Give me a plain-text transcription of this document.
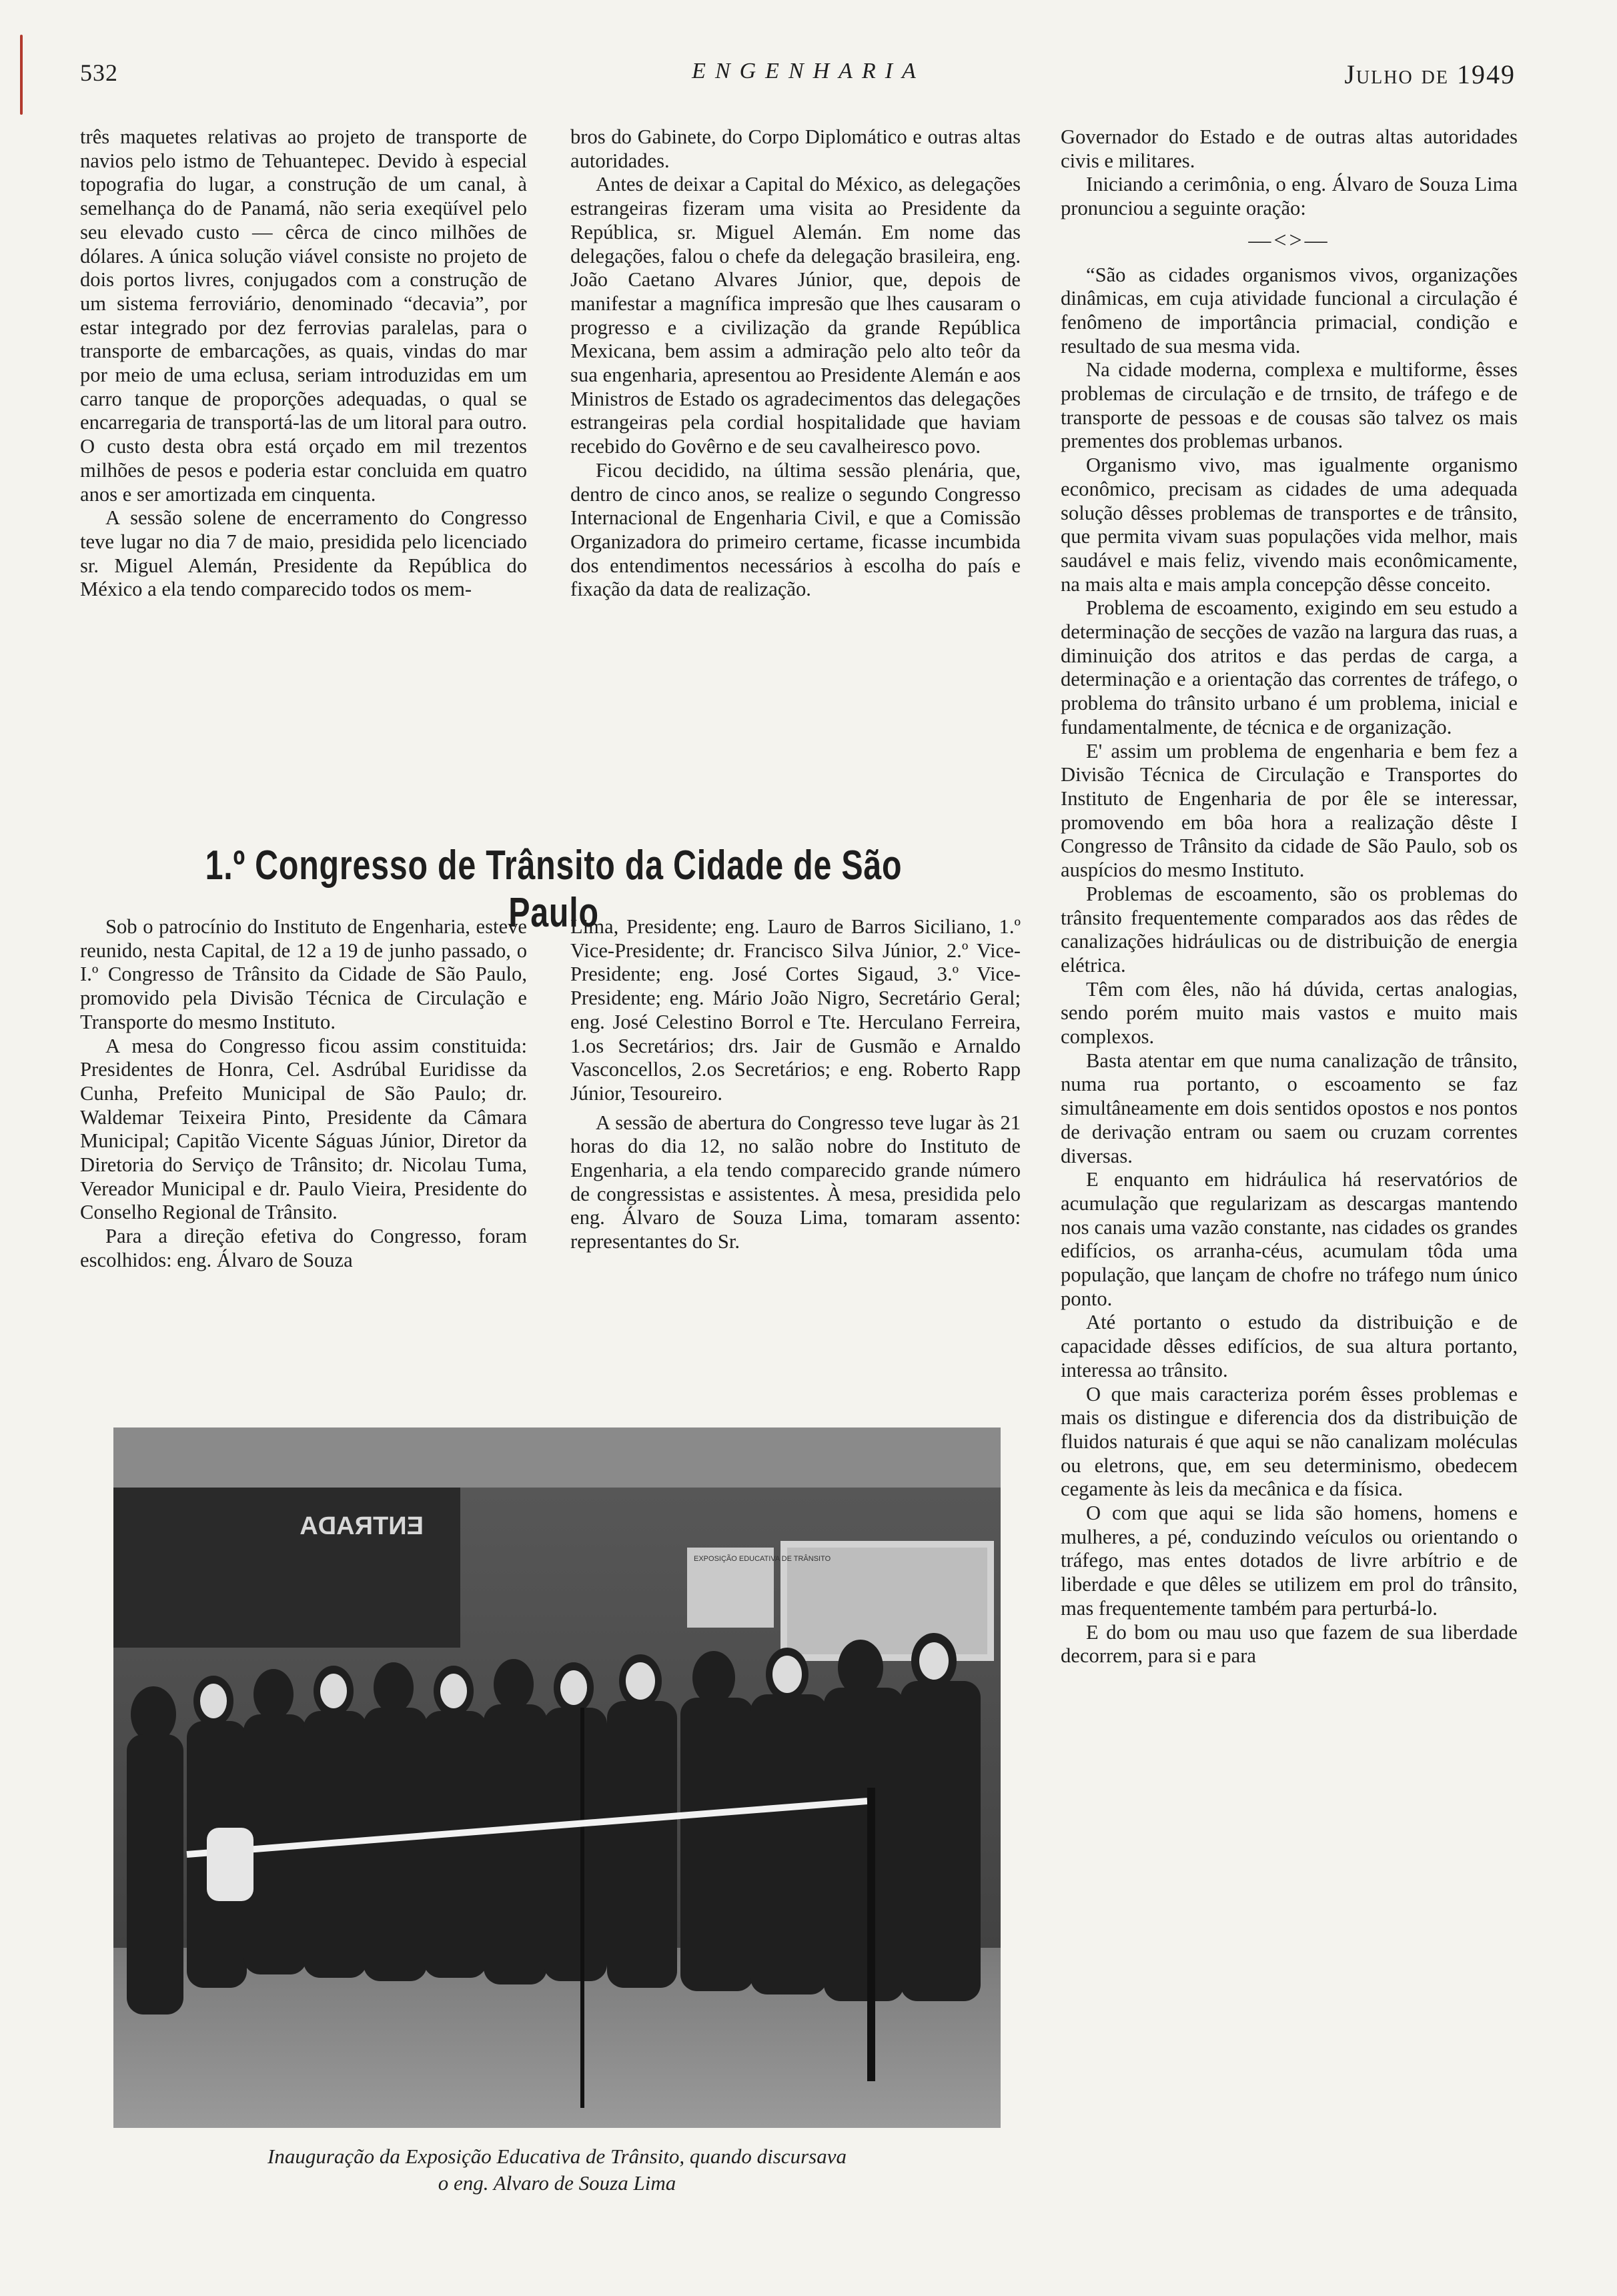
532	ENGENHARIA	Julho de 1949

três maquetes relativas ao projeto de transporte de navios pelo istmo de Tehuantepec. Devido à especial topografia do lugar, a construção de um canal, à semelhança do de Panamá, não seria exeqüível pelo seu elevado custo — cêrca de cinco milhões de dólares. A única solução viável consiste no projeto de dois portos livres, conjugados com a construção de um sistema ferroviário, denominado “decavia”, por estar integrado por dez ferrovias paralelas, para o transporte de embarcações, as quais, vindas do mar por meio de uma eclusa, seriam introduzidas em um carro tanque de proporções adequadas, o qual se encarregaria de transportá-las de um litoral para outro. O custo desta obra está orçado em mil trezentos milhões de pesos e poderia estar concluida em quatro anos e ser amortizada em cinquenta.

A sessão solene de encerramento do Congresso teve lugar no dia 7 de maio, presidida pelo licenciado sr. Miguel Alemán, Presidente da República do México a ela tendo comparecido todos os mem-

bros do Gabinete, do Corpo Diplomático e outras altas autoridades.

Antes de deixar a Capital do México, as delegações estrangeiras fizeram uma visita ao Presidente da República, sr. Miguel Alemán. Em nome das delegações, falou o chefe da delegação brasileira, eng. João Caetano Alvares Júnior, que, depois de manifestar a magnífica impresão que lhes causaram o progresso e a civilização da grande República Mexicana, bem assim a admiração pelo alto teôr da sua engenharia, apresentou ao Presidente Alemán e aos Ministros de Estado os agradecimentos das delegações estrangeiras pela cordial hospitalidade que haviam recebido do Govêrno e de seu cavalheiresco povo.

Ficou decidido, na última sessão plenária, que, dentro de cinco anos, se realize o segundo Congresso Internacional de Engenharia Civil, e que a Comissão Organizadora do primeiro certame, ficasse incumbida dos entendimentos necessários à escolha do país e fixação da data de realização.

1.º Congresso de Trânsito da Cidade de São Paulo

Sob o patrocínio do Instituto de Engenharia, esteve reunido, nesta Capital, de 12 a 19 de junho passado, o I.º Congresso de Trânsito da Cidade de São Paulo, promovido pela Divisão Técnica de Circulação e Transporte do mesmo Instituto.

A mesa do Congresso ficou assim constituida: Presidentes de Honra, Cel. Asdrúbal Euridisse da Cunha, Prefeito Municipal de São Paulo; dr. Waldemar Teixeira Pinto, Presidente da Câmara Municipal; Capitão Vicente Ságuas Júnior, Diretor da Diretoria do Serviço de Trânsito; dr. Nicolau Tuma, Vereador Municipal e dr. Paulo Vieira, Presidente do Conselho Regional de Trânsito.

Para a direção efetiva do Congresso, foram escolhidos: eng. Álvaro de Souza

Lima, Presidente; eng. Lauro de Barros Siciliano, 1.º Vice-Presidente; dr. Francisco Silva Júnior, 2.º Vice-Presidente; eng. José Cortes Sigaud, 3.º Vice-Presidente; eng. Mário João Nigro, Secretário Geral; eng. José Celestino Borrol e Tte. Herculano Ferreira, 1.os Secretários; drs. Jair de Gusmão e Arnaldo Vasconcellos, 2.os Secretários; e eng. Roberto Rapp Júnior, Tesoureiro.

A sessão de abertura do Congresso teve lugar às 21 horas do dia 12, no salão nobre do Instituto de Engenharia, a ela tendo comparecido grande número de congressistas e assistentes. À mesa, presidida pelo eng. Álvaro de Souza Lima, tomaram assento: representantes do Sr.

Governador do Estado e de outras altas autoridades civis e militares.

Iniciando a cerimônia, o eng. Álvaro de Souza Lima pronunciou a seguinte oração:

—<>—

“São as cidades organismos vivos, organizações dinâmicas, em cuja atividade funcional a circulação é fenômeno de importância primacial, condição e resultado de sua mesma vida.

Na cidade moderna, complexa e multiforme, êsses problemas de circulação e de trnsito, de tráfego e de transporte de pessoas e de cousas são talvez os mais prementes dos problemas urbanos.

Organismo vivo, mas igualmente organismo econômico, precisam as cidades de uma adequada solução dêsses problemas de transportes e de trânsito, que permita vivam suas populações vida melhor, mais saudável e mais feliz, vivendo mais econômicamente, na mais alta e mais ampla concepção dêsse conceito.

Problema de escoamento, exigindo em seu estudo a determinação de secções de vazão na largura das ruas, a diminuição dos atritos e das perdas de carga, a determinação e a orientação das correntes de tráfego, o problema do trânsito urbano é um problema, inicial e fundamentalmente, de técnica e de organização.

E' assim um problema de engenharia e bem fez a Divisão Técnica de Circulação e Transportes do Instituto de Engenharia de por êle se interessar, promovendo em bôa hora a realização dêste I Congresso de Trânsito da cidade de São Paulo, sob os auspícios do mesmo Instituto.

Problemas de escoamento, são os problemas do trânsito frequentemente comparados aos das rêdes de canalizações hidráulicas ou de distribuição de energia elétrica.

Têm com êles, não há dúvida, certas analogias, sendo porém muito mais vastos e muito mais complexos.

Basta atentar em que numa canalização de trânsito, numa rua portanto, o escoamento se faz simultâneamente em dois sentidos opostos e nos pontos de derivação entram ou saem ou cruzam correntes diversas.

E enquanto em hidráulica há reservatórios de acumulação que regularizam as descargas mantendo nos canais uma vazão constante, nas cidades os grandes edifícios, os arranha-céus, acumulam tôda uma população, que lançam de chofre no tráfego num único ponto.

Até portanto o estudo da distribuição e de capacidade dêsses edifícios, de sua altura portanto, interessa ao trânsito.

O que mais caracteriza porém êsses problemas e mais os distingue e diferencia dos da distribuição de fluidos naturais é que aqui se não canalizam moléculas ou eletrons, que, em seu determinismo, obedecem cegamente às leis da mecânica e da física.

O com que aqui se lida são homens, homens e mulheres, a pé, conduzindo veículos ou orientando o tráfego, mas entes dotados de livre arbítrio e de liberdade e que dêles se utilizem em prol do trânsito, mas frequentemente também para perturbá-lo.

E do bom ou mau uso que fazem de sua liberdade decorrem, para si e para

ENTRADA
EXPOSIÇÃO EDUCATIVA DE TRÂNSITO
Inauguração da Exposição Educativa de Trânsito, quando discursava
o eng. Alvaro de Souza Lima
